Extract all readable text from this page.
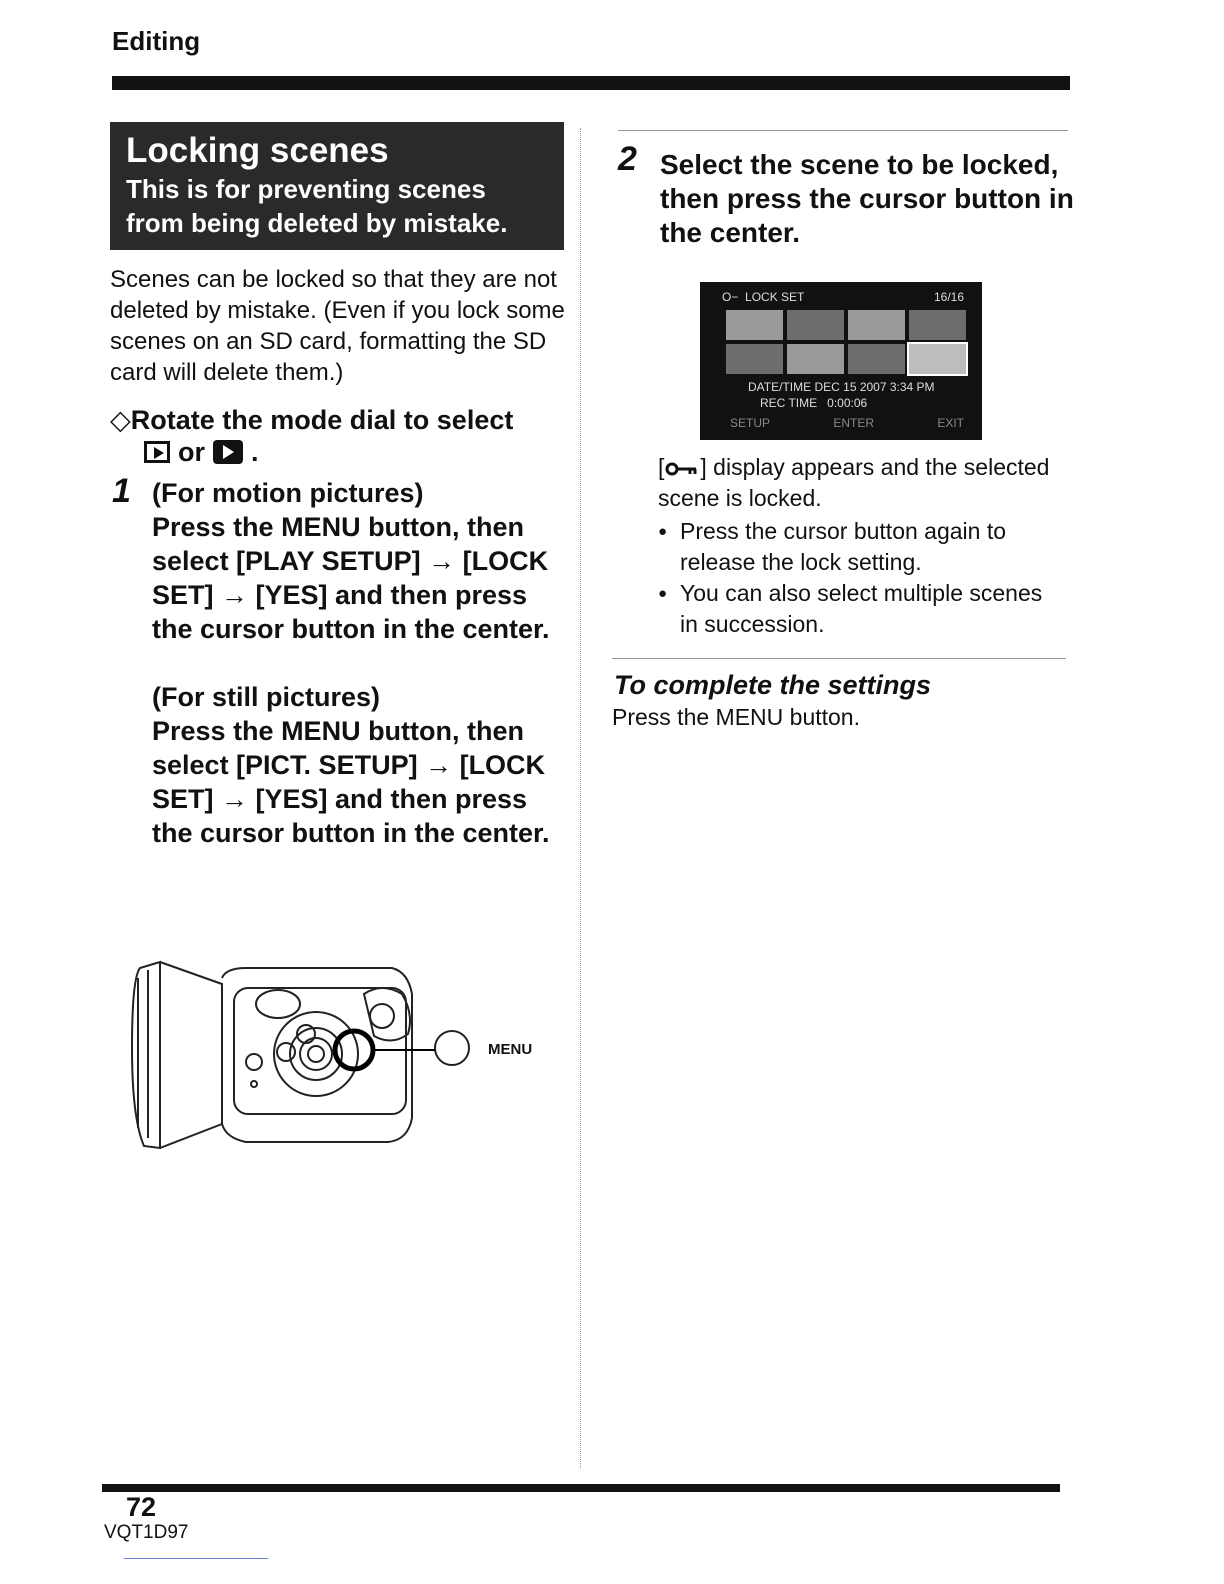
Editing
Locking scenes
This is for preventing scenes
from being deleted by mistake.
Scenes can be locked so that they are not deleted by mistake. (Even if you lock some scenes on an SD card, formatting the SD card will delete them.)
◇Rotate the mode dial to select
or .
1 (For motion pictures)
Press the MENU button, then select [PLAY SETUP] → [LOCK SET] → [YES] and then press the cursor button in the center.

(For still pictures)
Press the MENU button, then select [PICT. SETUP] → [LOCK SET] → [YES] and then press the cursor button in the center.

MENU
2 Select the scene to be locked, then press the cursor button in the center.
O− LOCK SET	16/16
DATE/TIME DEC 15 2007 3:34 PM
REC TIME 0:00:06
SETUP	ENTER	EXIT
[ ] display appears and the selected scene is locked.
● Press the cursor button again to release the lock setting.
● You can also select multiple scenes in succession.
To complete the settings
Press the MENU button.
72
VQT1D97
